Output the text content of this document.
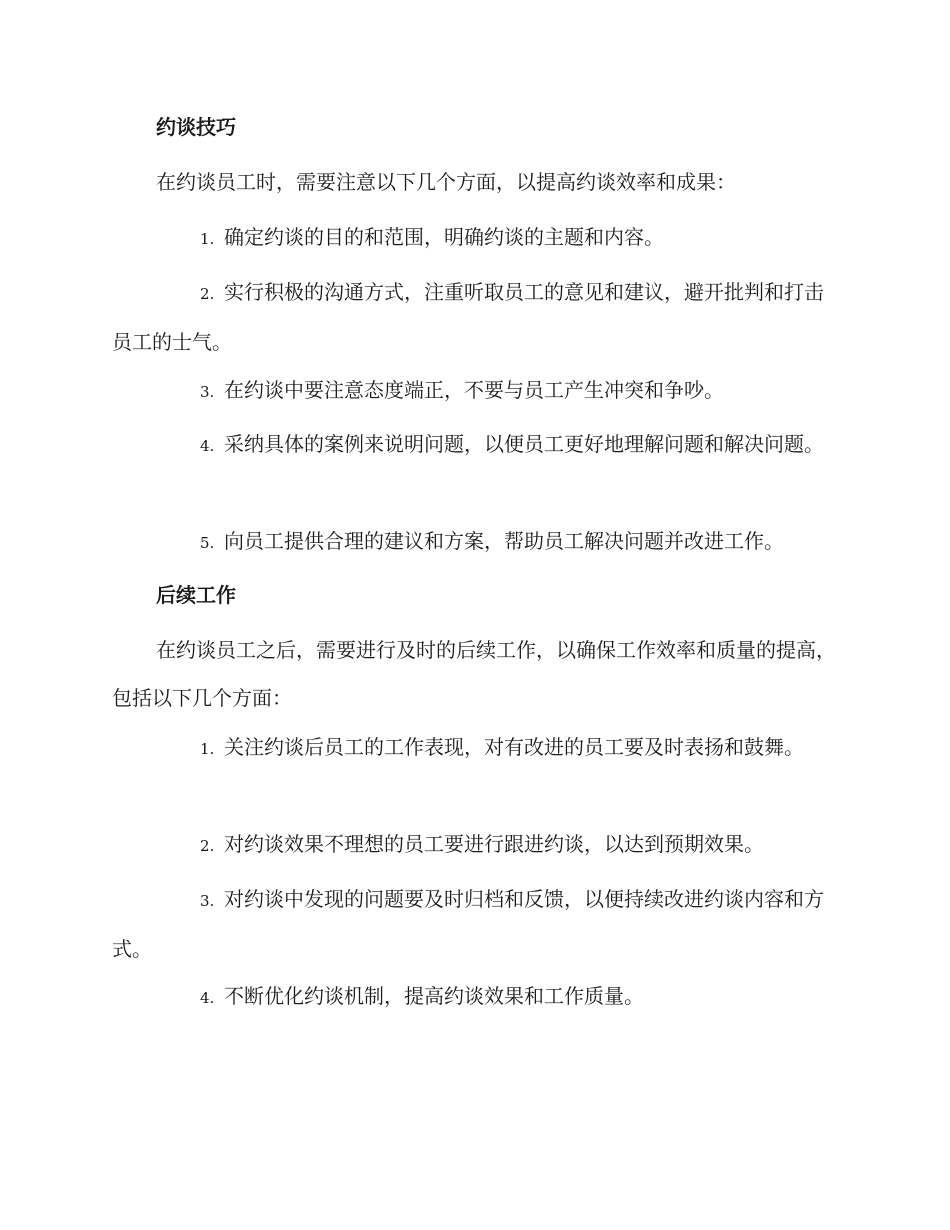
约谈技巧

在约谈员工时，需要注意以下几个方面，以提高约谈效率和成果：

1. 确定约谈的目的和范围，明确约谈的主题和内容。

2. 实行积极的沟通方式，注重听取员工的意见和建议，避开批判和打击员工的士气。

3. 在约谈中要注意态度端正，不要与员工产生冲突和争吵。

4. 采纳具体的案例来说明问题，以便员工更好地理解问题和解决问题。

5. 向员工提供合理的建议和方案，帮助员工解决问题并改进工作。

后续工作

在约谈员工之后，需要进行及时的后续工作，以确保工作效率和质量的提高，包括以下几个方面：

1. 关注约谈后员工的工作表现，对有改进的员工要及时表扬和鼓舞。

2. 对约谈效果不理想的员工要进行跟进约谈，以达到预期效果。

3. 对约谈中发现的问题要及时归档和反馈，以便持续改进约谈内容和方式。

4. 不断优化约谈机制，提高约谈效果和工作质量。
